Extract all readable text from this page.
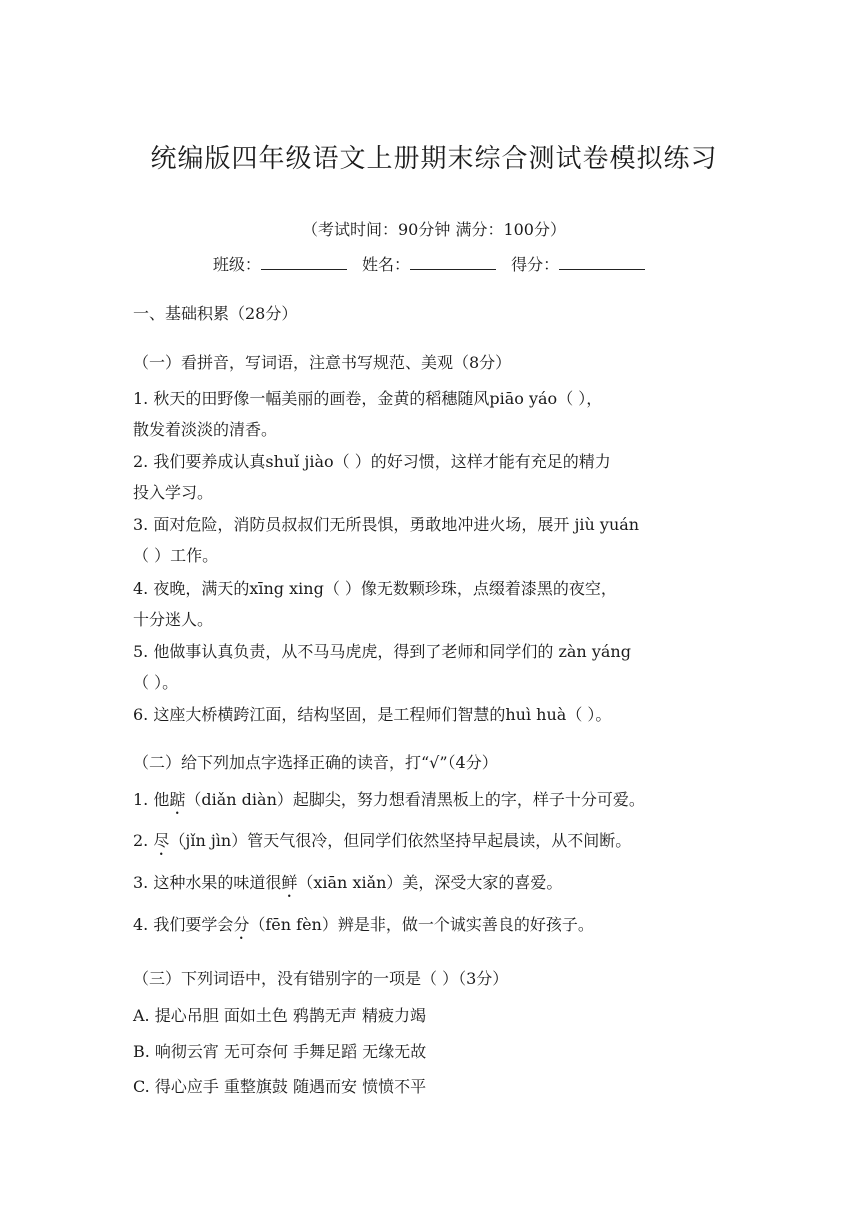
统编版四年级语文上册期末综合测试卷模拟练习
（考试时间：90分钟 满分：100分）
班级：	姓名：	得分：
一、基础积累（28分）
（一）看拼音，写词语，注意书写规范、美观（8分）
1. 秋天的田野像一幅美丽的画卷，金黄的稻穗随风piāo yáo（ ），
散发着淡淡的清香。
2. 我们要养成认真shuǐ jiào（ ）的好习惯，这样才能有充足的精力
投入学习。
3. 面对危险，消防员叔叔们无所畏惧，勇敢地冲进火场，展开 jiù yuán
（ ）工作。
4. 夜晚，满天的xīng xing（ ）像无数颗珍珠，点缀着漆黑的夜空，
十分迷人。
5. 他做事认真负责，从不马马虎虎，得到了老师和同学们的 zàn yáng
（ ）。
6. 这座大桥横跨江面，结构坚固，是工程师们智慧的huì huà（ ）。
（二）给下列加点字选择正确的读音，打“√”（4分）
1. 他踮（diǎn diàn）起脚尖，努力想看清黑板上的字，样子十分可爱。
2. 尽（jǐn jìn）管天气很冷，但同学们依然坚持早起晨读，从不间断。
3. 这种水果的味道很鲜（xiān xiǎn）美，深受大家的喜爱。
4. 我们要学会分（fēn fèn）辨是非，做一个诚实善良的好孩子。
（三）下列词语中，没有错别字的一项是（ ）（3分）
A. 提心吊胆 面如土色 鸦鹊无声 精疲力竭
B. 响彻云宵 无可奈何 手舞足蹈 无缘无故
C. 得心应手 重整旗鼓 随遇而安 愤愤不平
